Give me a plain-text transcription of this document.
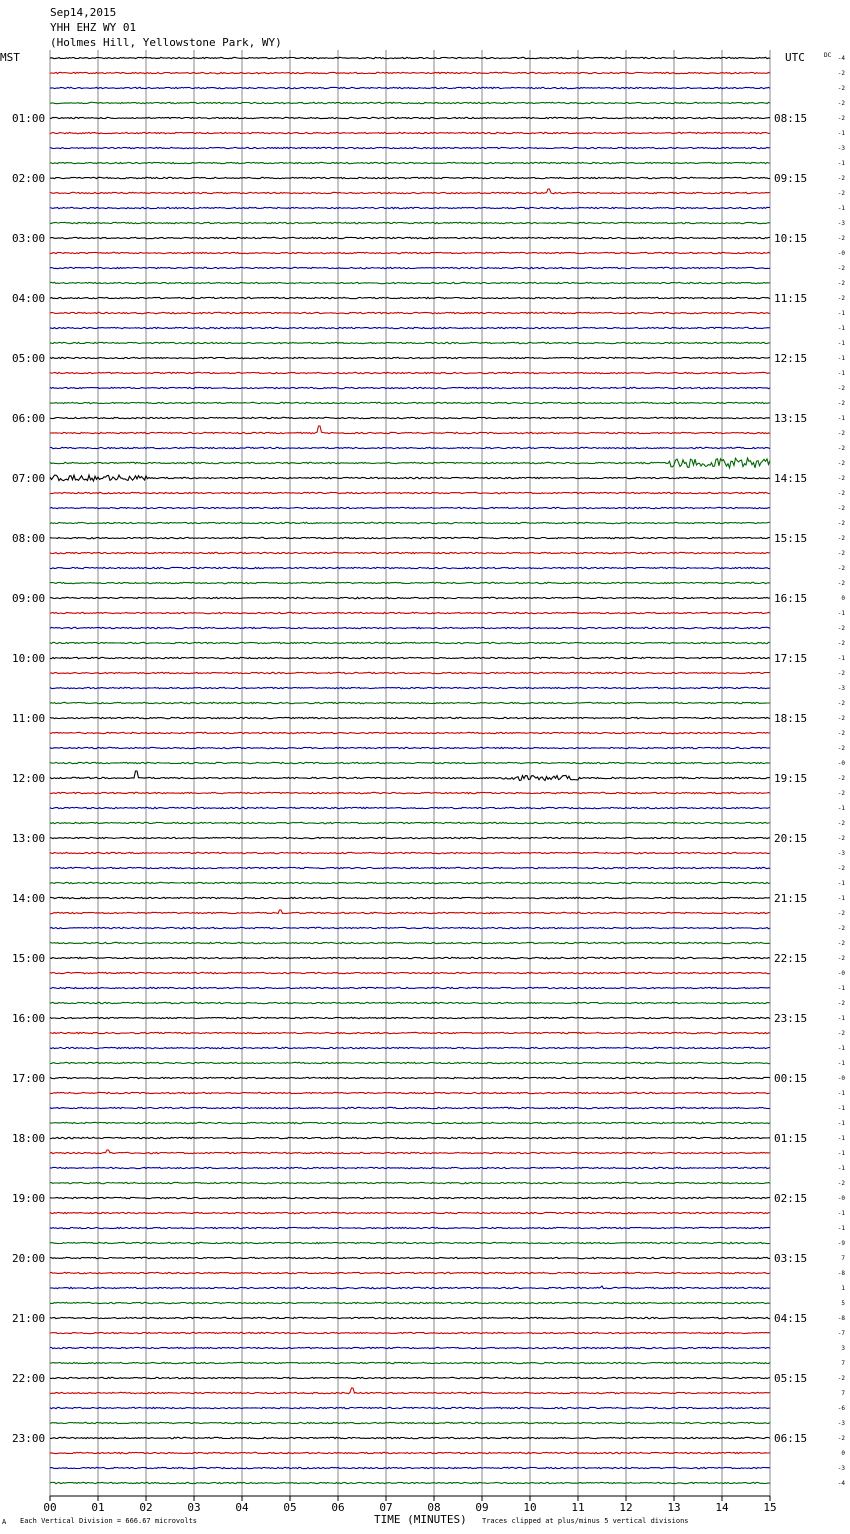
Sep14,2015
YHH EHZ WY 01
(Holmes Hill, Yellowstone Park, WY)
MST	UTC	DC
01:00
02:00
03:00
04:00
05:00
06:00
07:00
08:00
09:00
10:00
11:00
12:00
13:00
14:00
15:00
16:00
17:00
18:00
19:00
20:00
21:00
22:00
23:00
08:15
09:15
10:15
11:15
12:15
13:15
14:15
15:15
16:15
17:15
18:15
19:15
20:15
21:15
22:15
23:15
00:15
01:15
02:15
03:15
04:15
05:15
06:15
-4
-2
-2
-2
-2
-1
-3
-1
-2
-2
-1
-3
-2
-0
-2
-2
-2
-1
-1
-1
-1
-1
-2
-2
-1
-2
-2
-2
-2
-2
-2
-2
-2
-2
-2
-2
0
-1
-2
-2
-1
-2
-3
-2
-2
-2
-2
-0
-2
-2
-1
-2
-2
-3
-2
-1
-1
-2
-2
-2
-2
-0
-1
-2
-1
-2
-1
-1
-0
-1
-1
-1
-1
-1
-1
-2
-0
-1
-1
-9
7
-8
1
5
-8
-7
3
7
-2
7
-6
-3
-2
0
-3
-4
00	01	02	03	04	05	06	07	08	09	10	11	12	13	14	15
A Each Vertical Division = 666.67 microvolts	TIME (MINUTES) Traces clipped at plus/minus 5 vertical divisions
